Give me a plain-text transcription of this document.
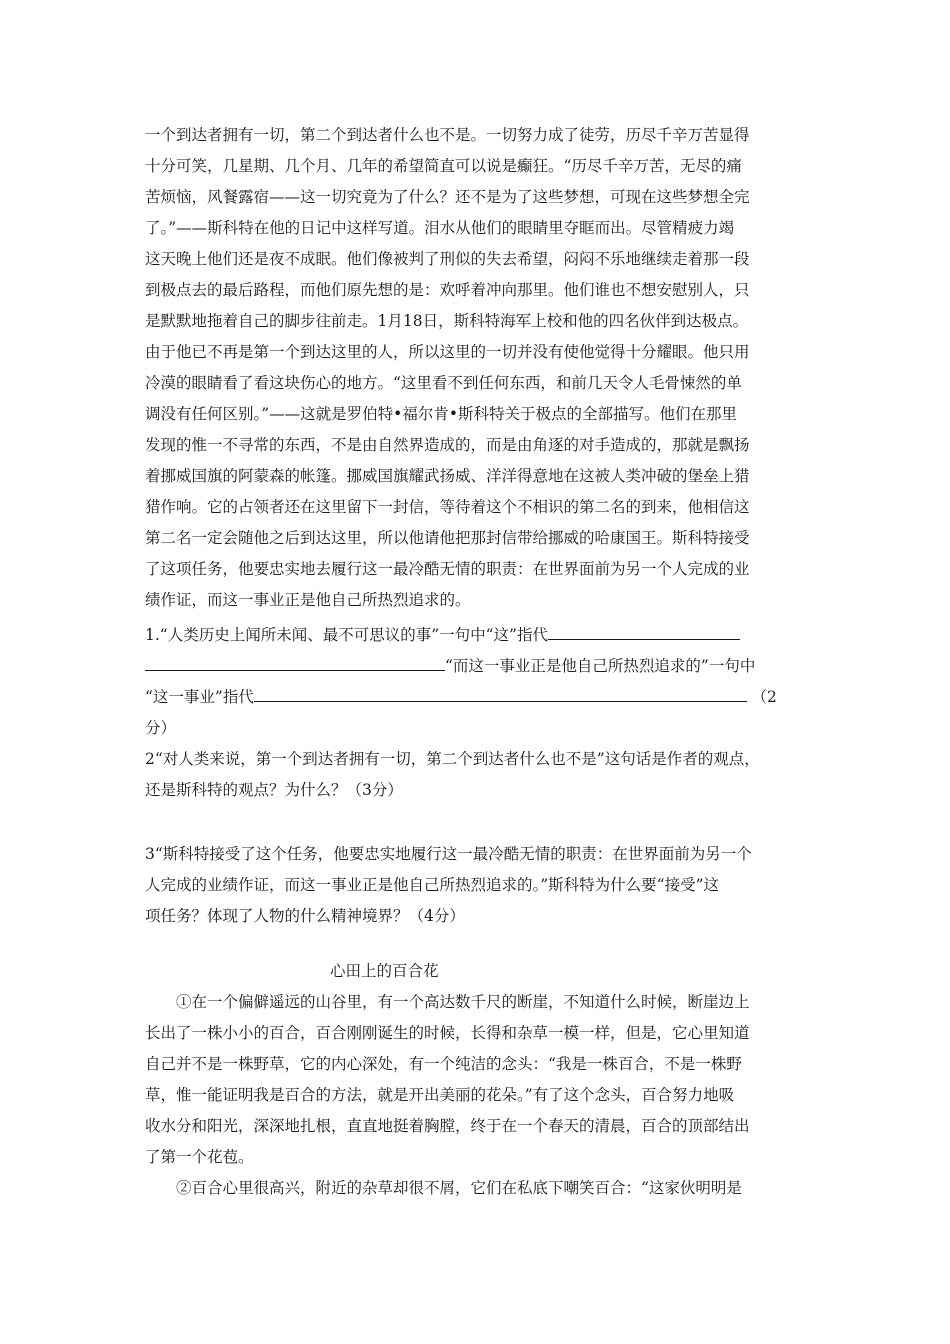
一个到达者拥有一切，第二个到达者什么也不是。一切努力成了徒劳，历尽千辛万苦显得
十分可笑，几星期、几个月、几年的希望简直可以说是癫狂。“历尽千辛万苦，无尽的痛
苦烦恼，风餐露宿——这一切究竟为了什么？还不是为了这些梦想，可现在这些梦想全完
了。”——斯科特在他的日记中这样写道。泪水从他们的眼睛里夺眶而出。尽管精疲力竭
这天晚上他们还是夜不成眠。他们像被判了刑似的失去希望，闷闷不乐地继续走着那一段
到极点去的最后路程，而他们原先想的是：欢呼着冲向那里。他们谁也不想安慰别人，只
是默默地拖着自己的脚步往前走。1月18日，斯科特海军上校和他的四名伙伴到达极点。
由于他已不再是第一个到达这里的人，所以这里的一切并没有使他觉得十分耀眼。他只用
冷漠的眼睛看了看这块伤心的地方。“这里看不到任何东西，和前几天令人毛骨悚然的单
调没有任何区别。”——这就是罗伯特•福尔肯•斯科特关于极点的全部描写。他们在那里
发现的惟一不寻常的东西，不是由自然界造成的，而是由角逐的对手造成的，那就是飘扬
着挪威国旗的阿蒙森的帐篷。挪威国旗耀武扬威、洋洋得意地在这被人类冲破的堡垒上猎
猎作响。它的占领者还在这里留下一封信，等待着这个不相识的第二名的到来，他相信这
第二名一定会随他之后到达这里，所以他请他把那封信带给挪威的哈康国王。斯科特接受
了这项任务，他要忠实地去履行这一最冷酷无情的职责：在世界面前为另一个人完成的业
绩作证，而这一事业正是他自己所热烈追求的。
1.“人类历史上闻所未闻、最不可思议的事”一句中“这”指代
“而这一事业正是他自己所热烈追求的”一句中
“这一事业”指代	（2
分）
2“对人类来说，第一个到达者拥有一切，第二个到达者什么也不是”这句话是作者的观点，
还是斯科特的观点？为什么？（3分）
3“斯科特接受了这个任务，他要忠实地履行这一最冷酷无情的职责：在世界面前为另一个
人完成的业绩作证，而这一事业正是他自己所热烈追求的。”斯科特为什么要“接受”这
项任务？体现了人物的什么精神境界？（4分）
心田上的百合花
　　①在一个偏僻遥远的山谷里，有一个高达数千尺的断崖，不知道什么时候，断崖边上
长出了一株小小的百合，百合刚刚诞生的时候，长得和杂草一模一样，但是，它心里知道
自己并不是一株野草，它的内心深处，有一个纯洁的念头：“我是一株百合，不是一株野
草，惟一能证明我是百合的方法，就是开出美丽的花朵。”有了这个念头，百合努力地吸
收水分和阳光，深深地扎根，直直地挺着胸膛，终于在一个春天的清晨，百合的顶部结出
了第一个花苞。
　　②百合心里很高兴，附近的杂草却很不屑，它们在私底下嘲笑百合：“这家伙明明是
